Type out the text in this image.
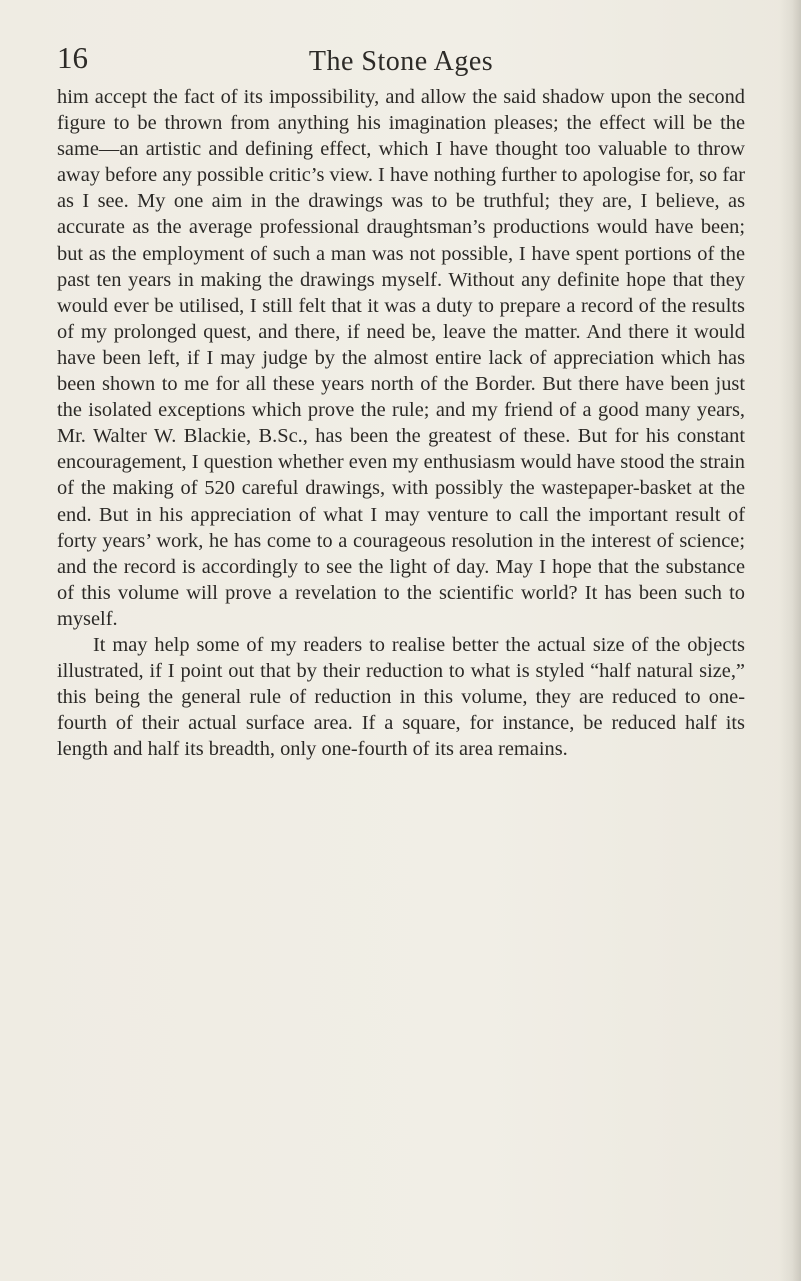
16	The Stone Ages

him accept the fact of its impossibility, and allow the said shadow upon the second figure to be thrown from anything his imagination pleases; the effect will be the same—an artistic and defining effect, which I have thought too valuable to throw away before any possible critic’s view. I have nothing further to apologise for, so far as I see. My one aim in the drawings was to be truthful; they are, I believe, as accurate as the average professional draughtsman’s productions would have been; but as the employment of such a man was not possible, I have spent portions of the past ten years in making the drawings myself. Without any definite hope that they would ever be utilised, I still felt that it was a duty to prepare a record of the results of my prolonged quest, and there, if need be, leave the matter. And there it would have been left, if I may judge by the almost entire lack of appreciation which has been shown to me for all these years north of the Border. But there have been just the isolated exceptions which prove the rule; and my friend of a good many years, Mr. Walter W. Blackie, B.Sc., has been the greatest of these. But for his constant encouragement, I question whether even my enthusiasm would have stood the strain of the making of 520 careful drawings, with possibly the wastepaper-basket at the end. But in his appreciation of what I may venture to call the important result of forty years’ work, he has come to a courageous resolution in the interest of science; and the record is accordingly to see the light of day. May I hope that the substance of this volume will prove a revelation to the scientific world? It has been such to myself.

It may help some of my readers to realise better the actual size of the objects illustrated, if I point out that by their reduction to what is styled “half natural size,” this being the general rule of reduction in this volume, they are reduced to one-fourth of their actual surface area. If a square, for instance, be reduced half its length and half its breadth, only one-fourth of its area remains.
